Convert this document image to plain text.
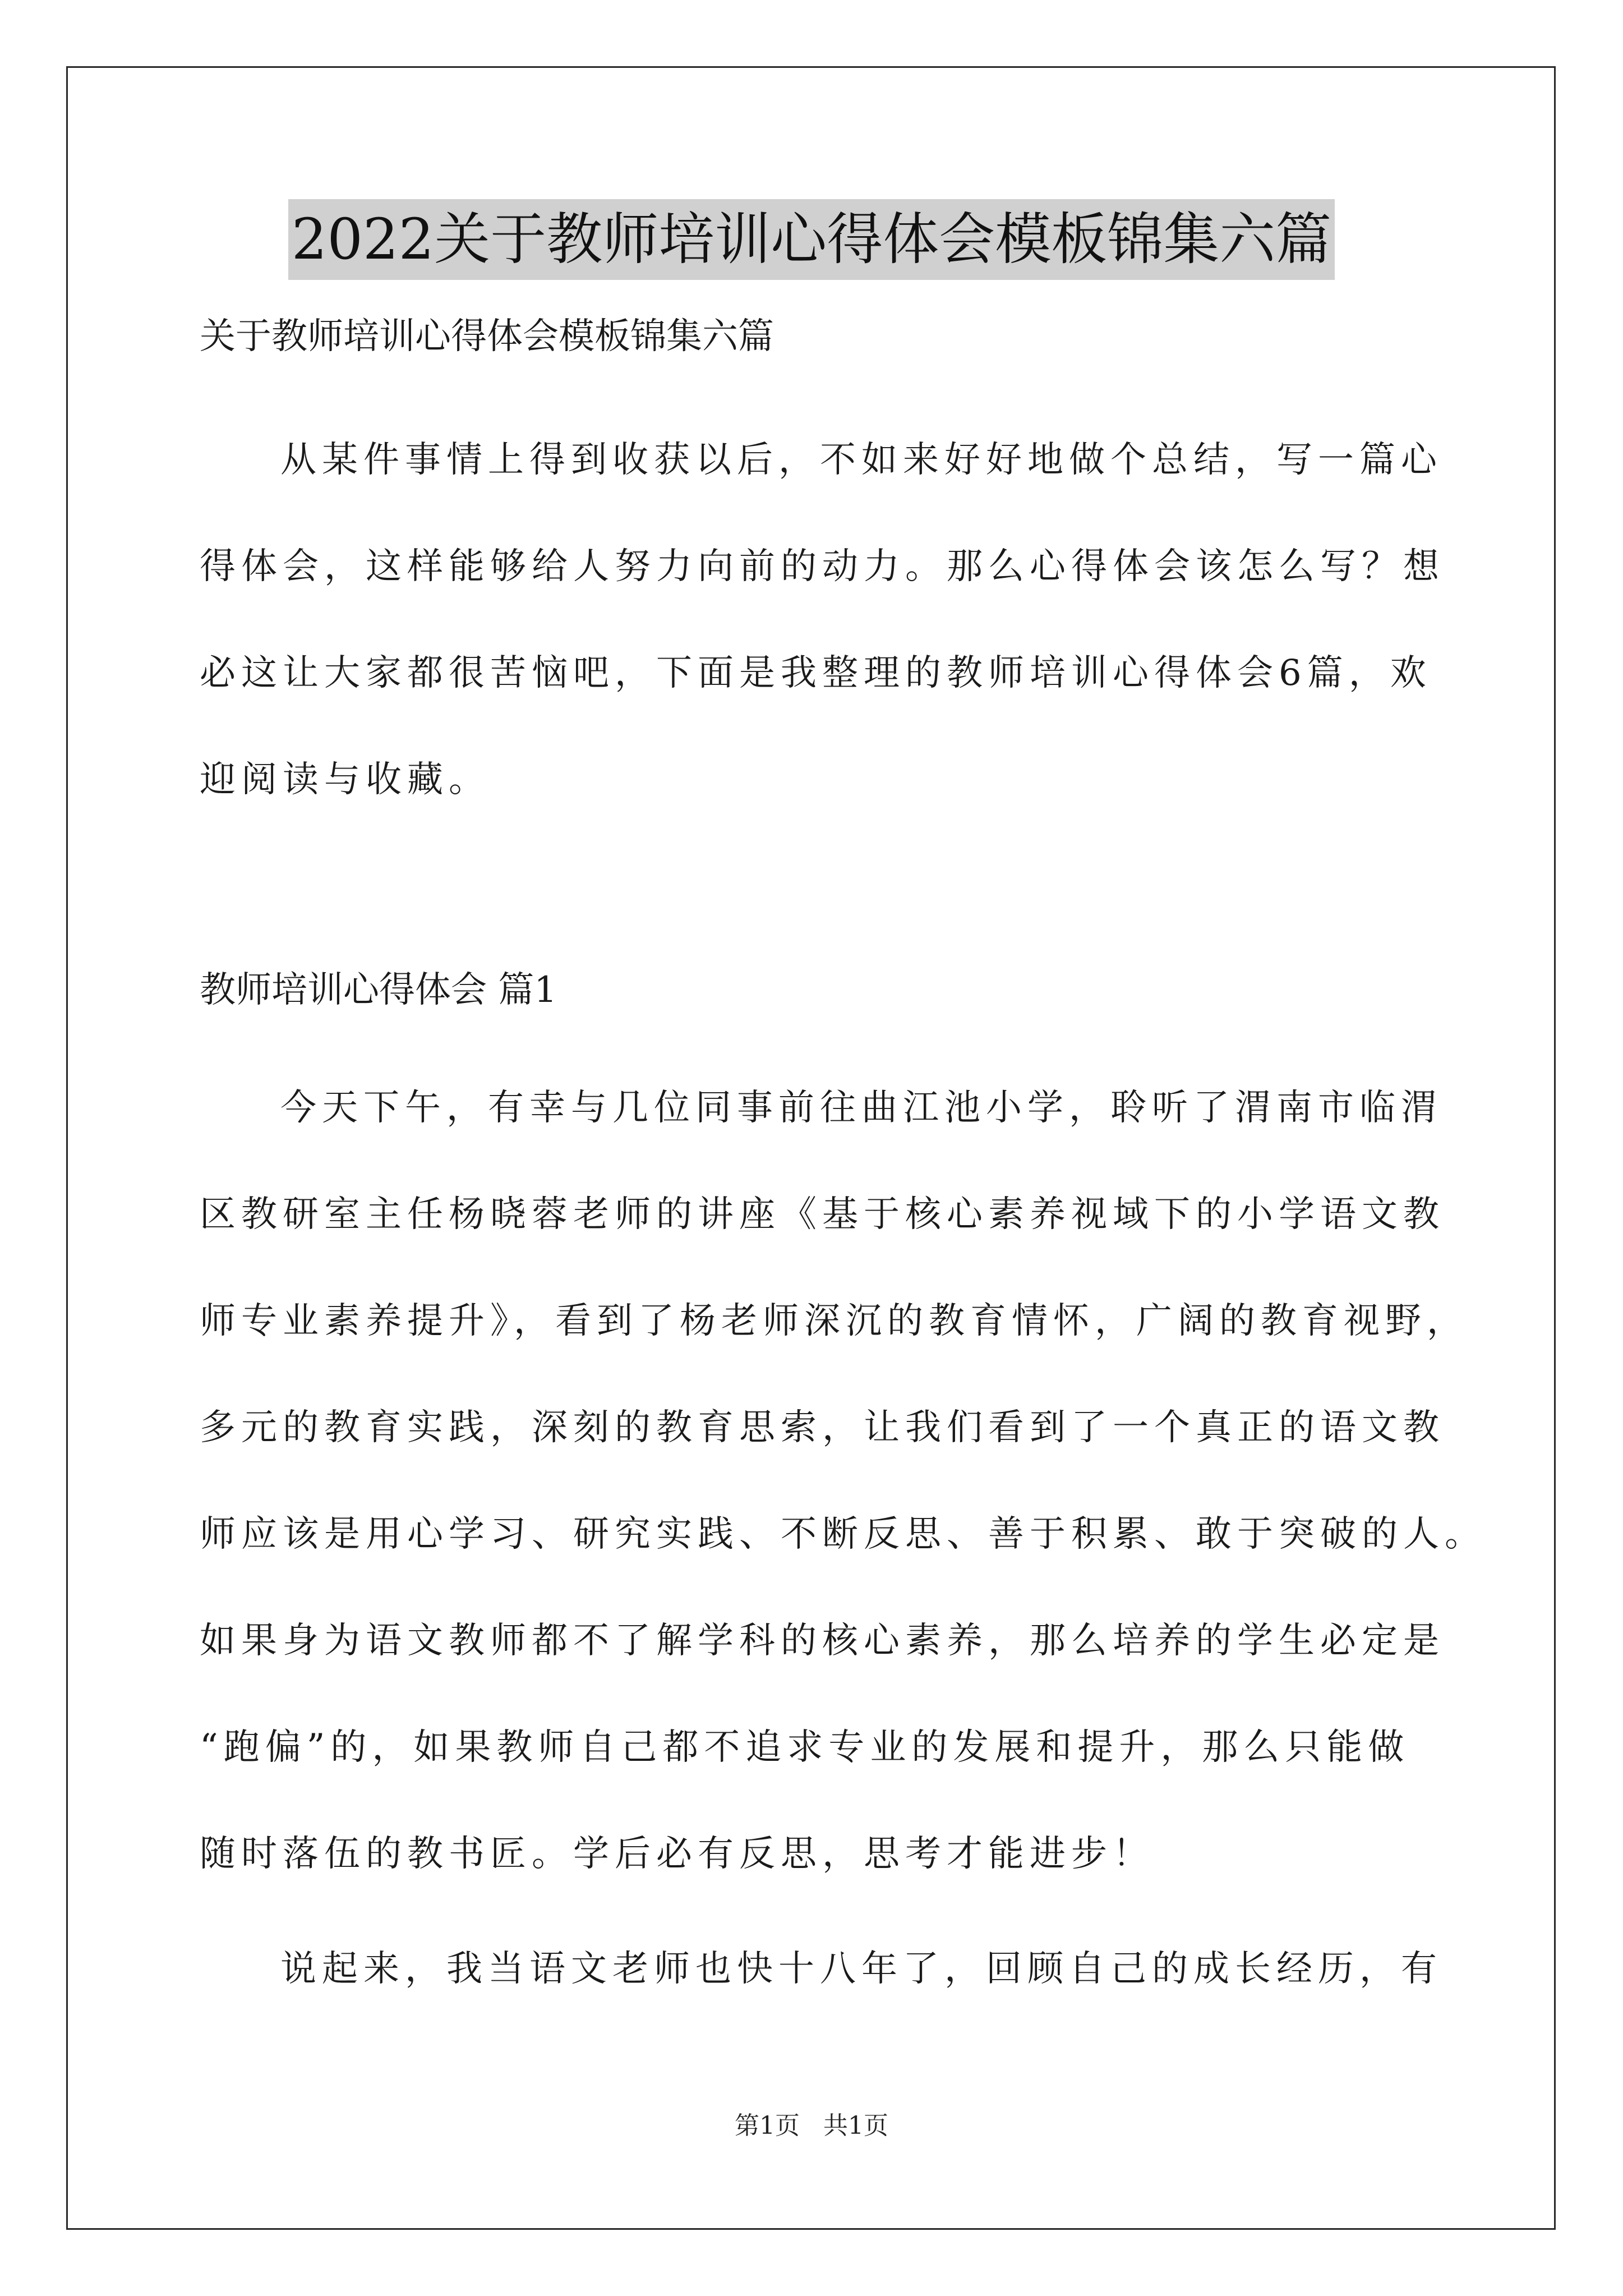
2022关于教师培训心得体会模板锦集六篇
关于教师培训心得体会模板锦集六篇
从某件事情上得到收获以后，不如来好好地做个总结，写一篇心
得体会，这样能够给人努力向前的动力。那么心得体会该怎么写？想
必这让大家都很苦恼吧，下面是我整理的教师培训心得体会6篇，欢
迎阅读与收藏。
教师培训心得体会 篇1
今天下午，有幸与几位同事前往曲江池小学，聆听了渭南市临渭
区教研室主任杨晓蓉老师的讲座《基于核心素养视域下的小学语文教
师专业素养提升》，看到了杨老师深沉的教育情怀，广阔的教育视野，
多元的教育实践，深刻的教育思索，让我们看到了一个真正的语文教
师应该是用心学习、研究实践、不断反思、善于积累、敢于突破的人。
如果身为语文教师都不了解学科的核心素养，那么培养的学生必定是
“跑偏”的，如果教师自己都不追求专业的发展和提升，那么只能做
随时落伍的教书匠。学后必有反思，思考才能进步！
说起来，我当语文老师也快十八年了，回顾自己的成长经历，有
第1页 共1页
